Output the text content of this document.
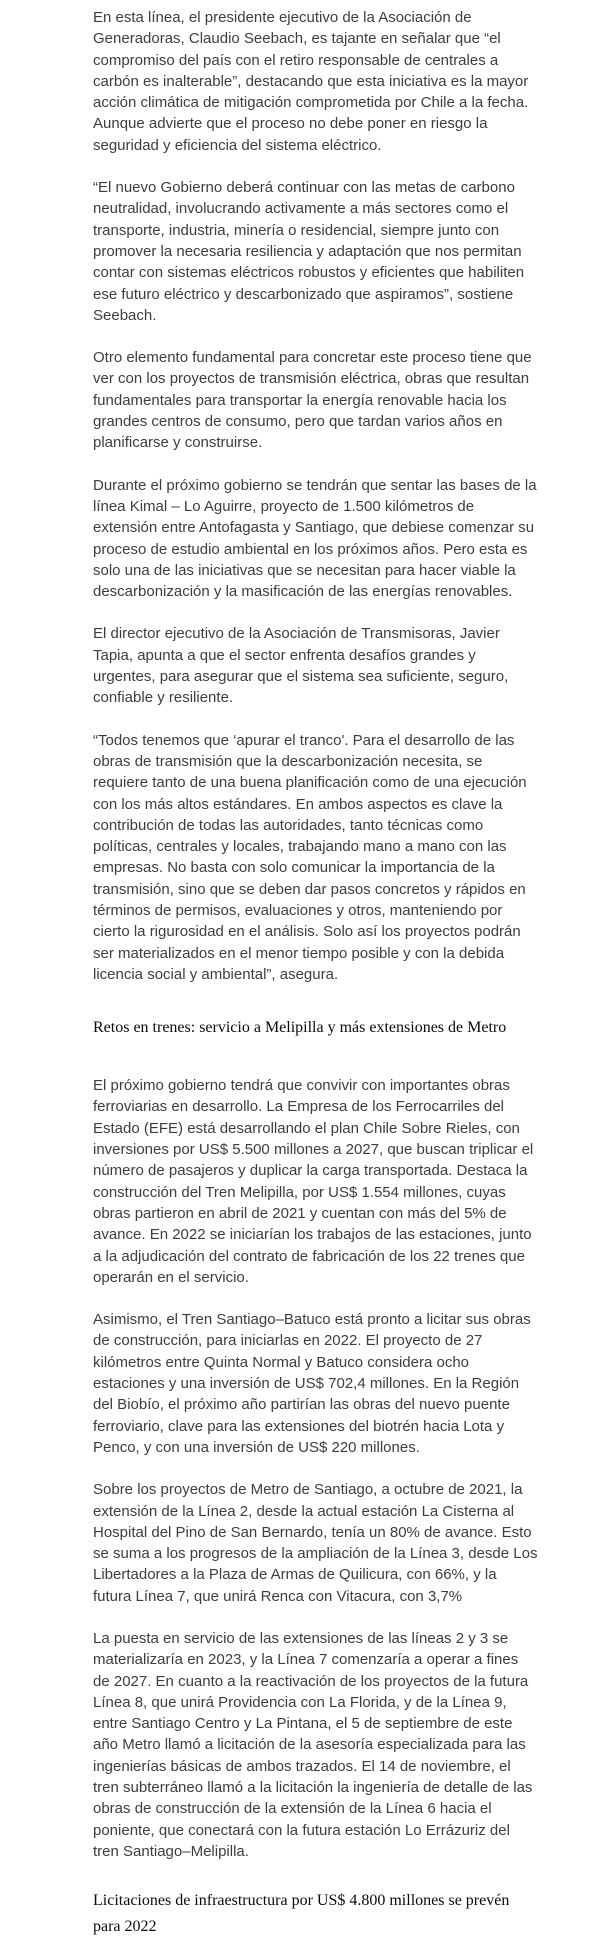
En esta línea, el presidente ejecutivo de la Asociación de Generadoras, Claudio Seebach, es tajante en señalar que “el compromiso del país con el retiro responsable de centrales a carbón es inalterable”, destacando que esta iniciativa es la mayor acción climática de mitigación comprometida por Chile a la fecha. Aunque advierte que el proceso no debe poner en riesgo la seguridad y eficiencia del sistema eléctrico.

“El nuevo Gobierno deberá continuar con las metas de carbono neutralidad, involucrando activamente a más sectores como el transporte, industria, minería o residencial, siempre junto con promover la necesaria resiliencia y adaptación que nos permitan contar con sistemas eléctricos robustos y eficientes que habiliten ese futuro eléctrico y descarbonizado que aspiramos”, sostiene Seebach.

Otro elemento fundamental para concretar este proceso tiene que ver con los proyectos de transmisión eléctrica, obras que resultan fundamentales para transportar la energía renovable hacia los grandes centros de consumo, pero que tardan varios años en planificarse y construirse.

Durante el próximo gobierno se tendrán que sentar las bases de la línea Kimal – Lo Aguirre, proyecto de 1.500 kilómetros de extensión entre Antofagasta y Santiago, que debiese comenzar su proceso de estudio ambiental en los próximos años. Pero esta es solo una de las iniciativas que se necesitan para hacer viable la descarbonización y la masificación de las energías renovables.

El director ejecutivo de la Asociación de Transmisoras, Javier Tapia, apunta a que el sector enfrenta desafíos grandes y urgentes, para asegurar que el sistema sea suficiente, seguro, confiable y resiliente.

“Todos tenemos que ‘apurar el tranco'. Para el desarrollo de las obras de transmisión que la descarbonización necesita, se requiere tanto de una buena planificación como de una ejecución con los más altos estándares. En ambos aspectos es clave la contribución de todas las autoridades, tanto técnicas como políticas, centrales y locales, trabajando mano a mano con las empresas. No basta con solo comunicar la importancia de la transmisión, sino que se deben dar pasos concretos y rápidos en términos de permisos, evaluaciones y otros, manteniendo por cierto la rigurosidad en el análisis. Solo así los proyectos podrán ser materializados en el menor tiempo posible y con la debida licencia social y ambiental”, asegura.

Retos en trenes: servicio a Melipilla y más extensiones de Metro

El próximo gobierno tendrá que convivir con importantes obras ferroviarias en desarrollo. La Empresa de los Ferrocarriles del Estado (EFE) está desarrollando el plan Chile Sobre Rieles, con inversiones por US$ 5.500 millones a 2027, que buscan triplicar el número de pasajeros y duplicar la carga transportada. Destaca la construcción del Tren Melipilla, por US$ 1.554 millones, cuyas obras partieron en abril de 2021 y cuentan con más del 5% de avance. En 2022 se iniciarían los trabajos de las estaciones, junto a la adjudicación del contrato de fabricación de los 22 trenes que operarán en el servicio.

Asimismo, el Tren Santiago–Batuco está pronto a licitar sus obras de construcción, para iniciarlas en 2022. El proyecto de 27 kilómetros entre Quinta Normal y Batuco considera ocho estaciones y una inversión de US$ 702,4 millones. En la Región del Biobío, el próximo año partirían las obras del nuevo puente ferroviario, clave para las extensiones del biotrén hacia Lota y Penco, y con una inversión de US$ 220 millones.

Sobre los proyectos de Metro de Santiago, a octubre de 2021, la extensión de la Línea 2, desde la actual estación La Cisterna al Hospital del Pino de San Bernardo, tenía un 80% de avance. Esto se suma a los progresos de la ampliación de la Línea 3, desde Los Libertadores a la Plaza de Armas de Quilicura, con 66%, y la futura Línea 7, que unirá Renca con Vitacura, con 3,7%

La puesta en servicio de las extensiones de las líneas 2 y 3 se materializaría en 2023, y la Línea 7 comenzaría a operar a fines de 2027. En cuanto a la reactivación de los proyectos de la futura Línea 8, que unirá Providencia con La Florida, y de la Línea 9, entre Santiago Centro y La Pintana, el 5 de septiembre de este año Metro llamó a licitación de la asesoría especializada para las ingenierías básicas de ambos trazados. El 14 de noviembre, el tren subterráneo llamó a la licitación la ingeniería de detalle de las obras de construcción de la extensión de la Línea 6 hacia el poniente, que conectará con la futura estación Lo Errázuriz del tren Santiago–Melipilla.

Licitaciones de infraestructura por US$ 4.800 millones se prevén para 2022
